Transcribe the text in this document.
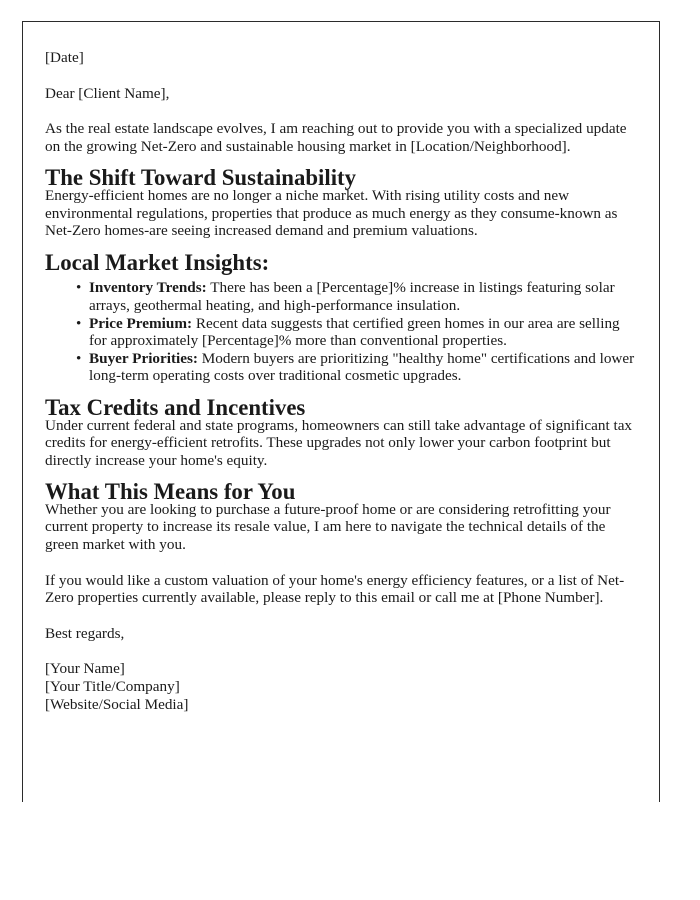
[Date]

Dear [Client Name],

As the real estate landscape evolves, I am reaching out to provide you with a specialized update on the growing Net-Zero and sustainable housing market in [Location/Neighborhood].

The Shift Toward Sustainability

Energy-efficient homes are no longer a niche market. With rising utility costs and new environmental regulations, properties that produce as much energy as they consume-known as Net-Zero homes-are seeing increased demand and premium valuations.

Local Market Insights:
• Inventory Trends: There has been a [Percentage]% increase in listings featuring solar arrays, geothermal heating, and high-performance insulation.
• Price Premium: Recent data suggests that certified green homes in our area are selling for approximately [Percentage]% more than conventional properties.
• Buyer Priorities: Modern buyers are prioritizing "healthy home" certifications and lower long-term operating costs over traditional cosmetic upgrades.
Tax Credits and Incentives

Under current federal and state programs, homeowners can still take advantage of significant tax credits for energy-efficient retrofits. These upgrades not only lower your carbon footprint but directly increase your home's equity.

What This Means for You

Whether you are looking to purchase a future-proof home or are considering retrofitting your current property to increase its resale value, I am here to navigate the technical details of the green market with you.

If you would like a custom valuation of your home's energy efficiency features, or a list of Net-Zero properties currently available, please reply to this email or call me at [Phone Number].

Best regards,

[Your Name]
[Your Title/Company]
[Website/Social Media]
